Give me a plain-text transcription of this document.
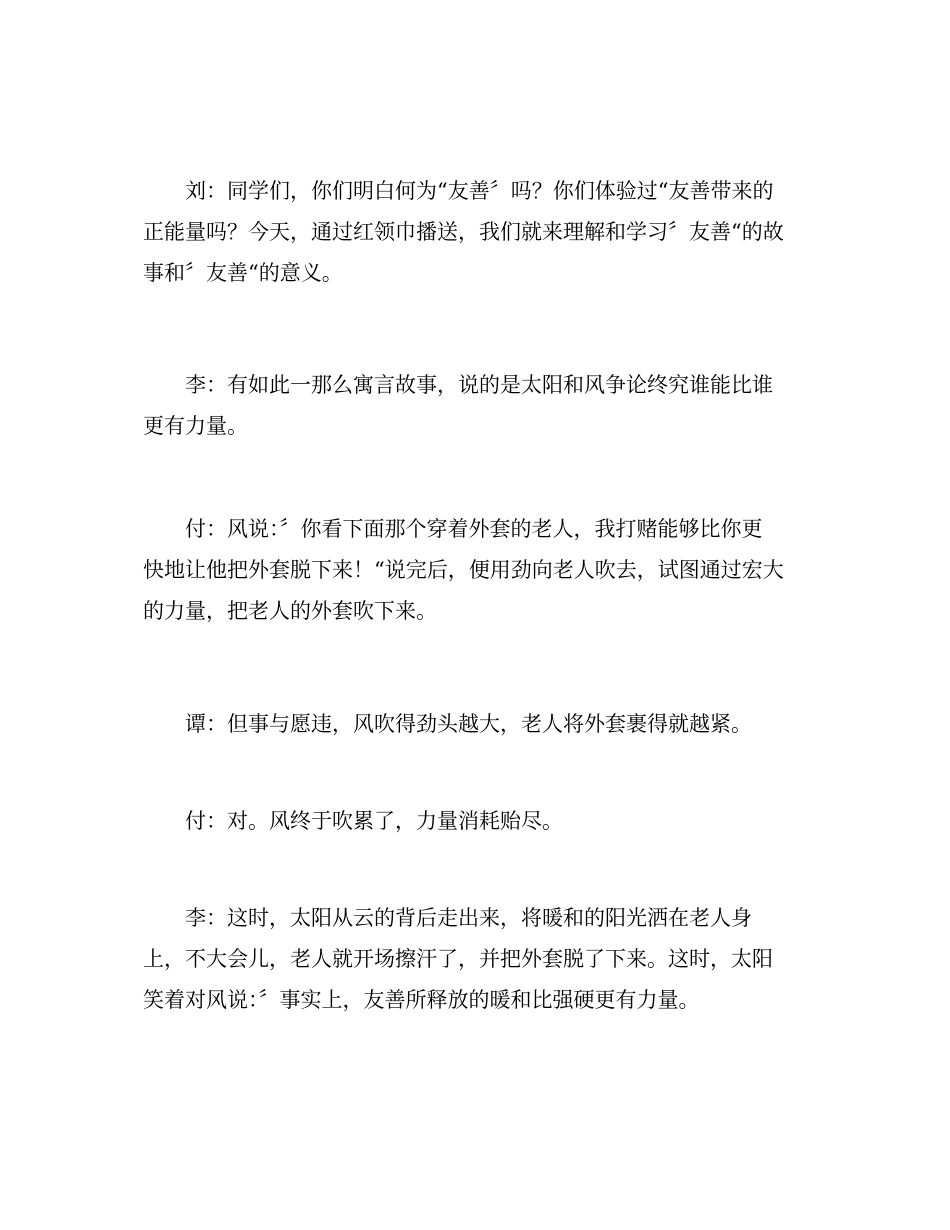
　　刘：同学们，你们明白何为“友善〞吗？你们体验过“友善带来的
正能量吗？今天，通过红领巾播送，我们就来理解和学习〞友善“的故
事和〞友善“的意义。

　　李：有如此一那么寓言故事，说的是太阳和风争论终究谁能比谁
更有力量。

　　付：风说：〞你看下面那个穿着外套的老人，我打赌能够比你更
快地让他把外套脱下来！“说完后，便用劲向老人吹去，试图通过宏大
的力量，把老人的外套吹下来。

　　谭：但事与愿违，风吹得劲头越大，老人将外套裹得就越紧。

　　付：对。风终于吹累了，力量消耗贻尽。

　　李：这时，太阳从云的背后走出来，将暖和的阳光洒在老人身
上，不大会儿，老人就开场擦汗了，并把外套脱了下来。这时，太阳
笑着对风说：〞事实上，友善所释放的暖和比强硬更有力量。
